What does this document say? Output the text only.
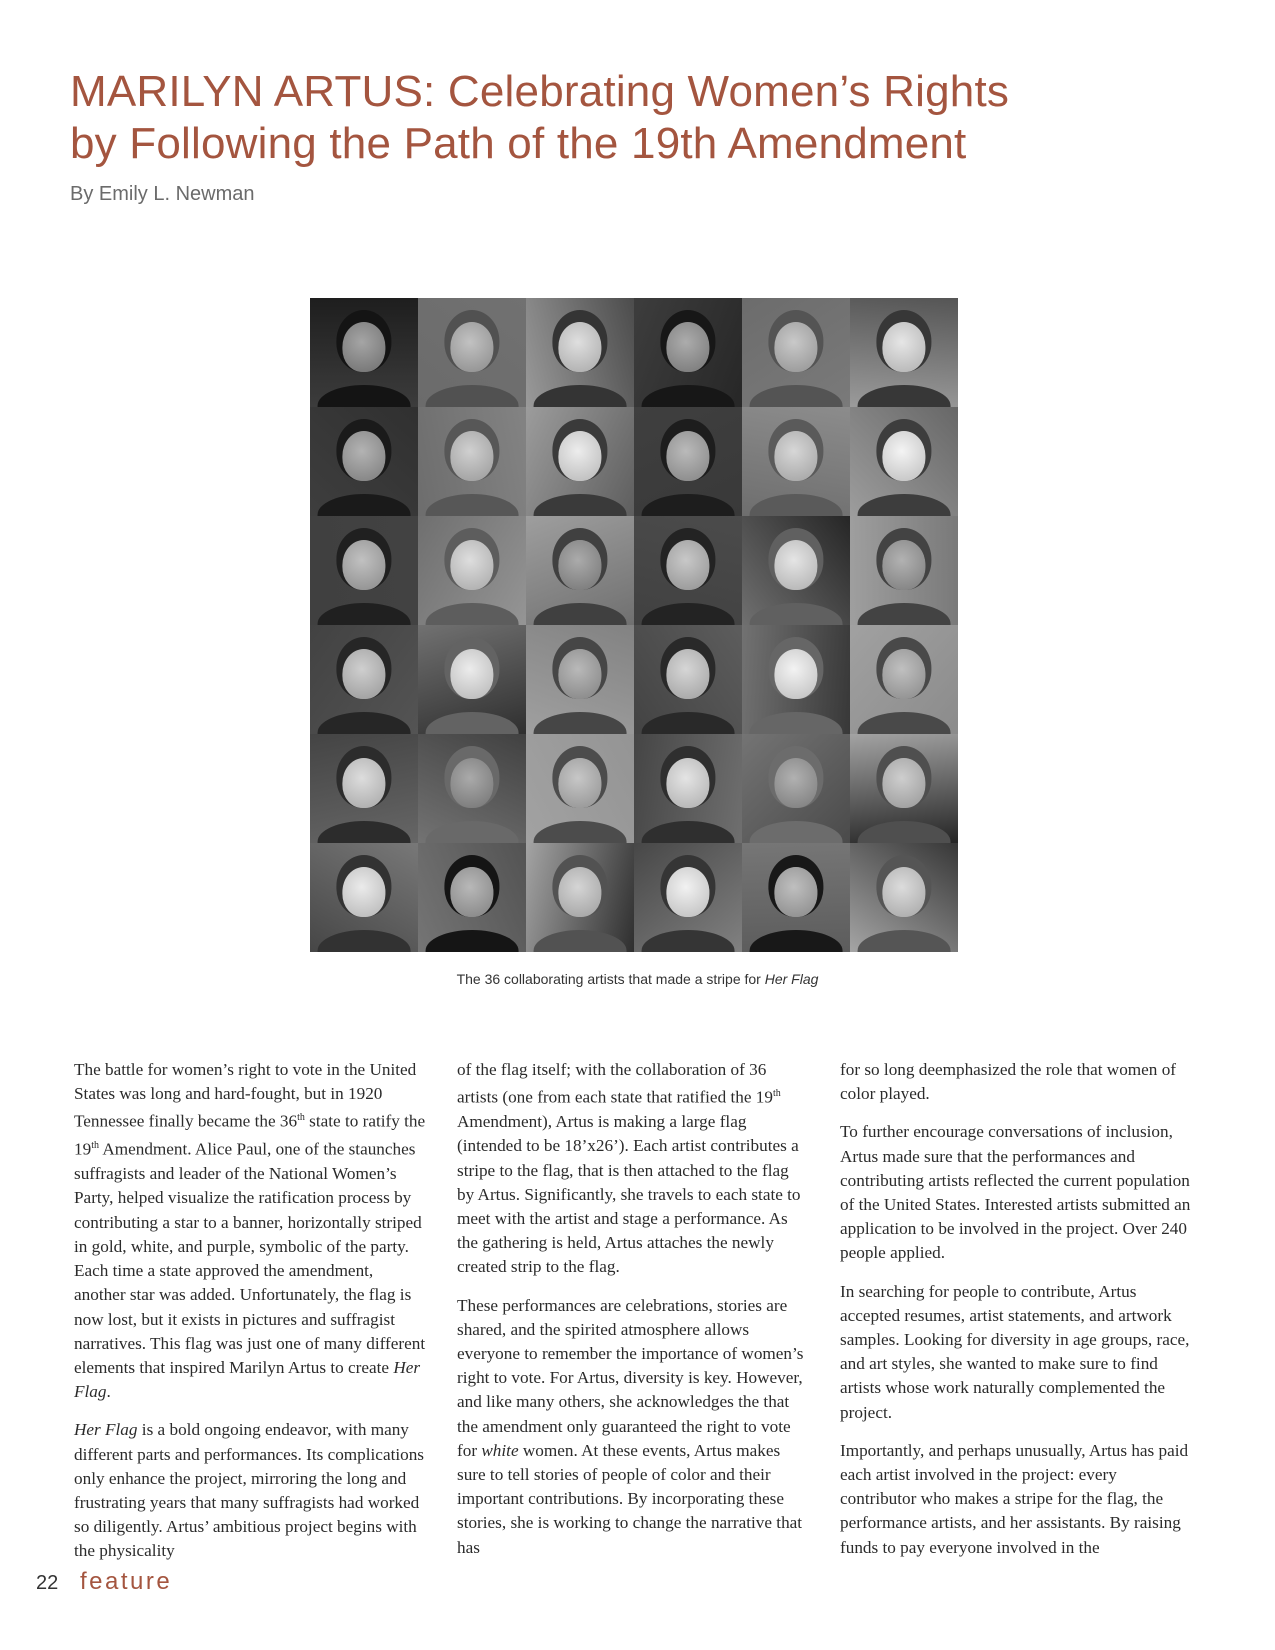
MARILYN ARTUS: Celebrating Women’s Rights
by Following the Path of the 19th Amendment
By Emily L. Newman
The 36 collaborating artists that made a stripe for Her Flag

The battle for women’s right to vote in the United States was long and hard-fought, but in 1920 Tennessee finally became the 36th state to ratify the 19th Amendment. Alice Paul, one of the staunches suffragists and leader of the National Women’s Party, helped visualize the ratification process by contributing a star to a banner, horizontally striped in gold, white, and purple, symbolic of the party.  Each time a state approved the amendment, another star was added. Unfortunately, the flag is now lost, but it exists in pictures and suffragist narratives. This flag was just one of many different elements that inspired Marilyn Artus to create Her Flag.

Her Flag is a bold ongoing endeavor, with many different parts and performances. Its complications only enhance the project, mirroring the long and frustrating years that many suffragists had worked so diligently. Artus’ ambitious project begins with the physicality

of the flag itself; with the collaboration of 36 artists (one from each state that ratified the 19th Amendment), Artus is making a large flag (intended to be 18’x26’). Each artist contributes a stripe to the flag, that is then attached to the flag by Artus. Significantly, she travels to each state to meet with the artist and stage a performance. As the gathering is held, Artus attaches the newly created strip to the flag.

These performances are celebrations, stories are shared, and the spirited atmosphere allows everyone to remember the importance of women’s right to vote. For Artus, diversity is key. However, and like many others, she acknowledges the that the amendment only guaranteed the right to vote for white women. At these events, Artus makes sure to tell stories of people of color and their important contributions. By incorporating these stories, she is working to change the narrative that has

for so long deemphasized the role that women of color played.

To further encourage conversations of inclusion, Artus made sure that the performances and contributing artists reflected the current population of the United States. Interested artists submitted an application to be involved in the project. Over 240 people applied.

In searching for people to contribute, Artus accepted resumes, artist statements, and artwork samples. Looking for diversity in age groups, race, and art styles, she wanted to make sure to find artists whose work naturally complemented the project.

Importantly, and perhaps unusually, Artus has paid each artist involved in the project: every contributor who makes a stripe for the flag, the performance artists, and her assistants. By raising funds to pay everyone involved in the

22 feature
